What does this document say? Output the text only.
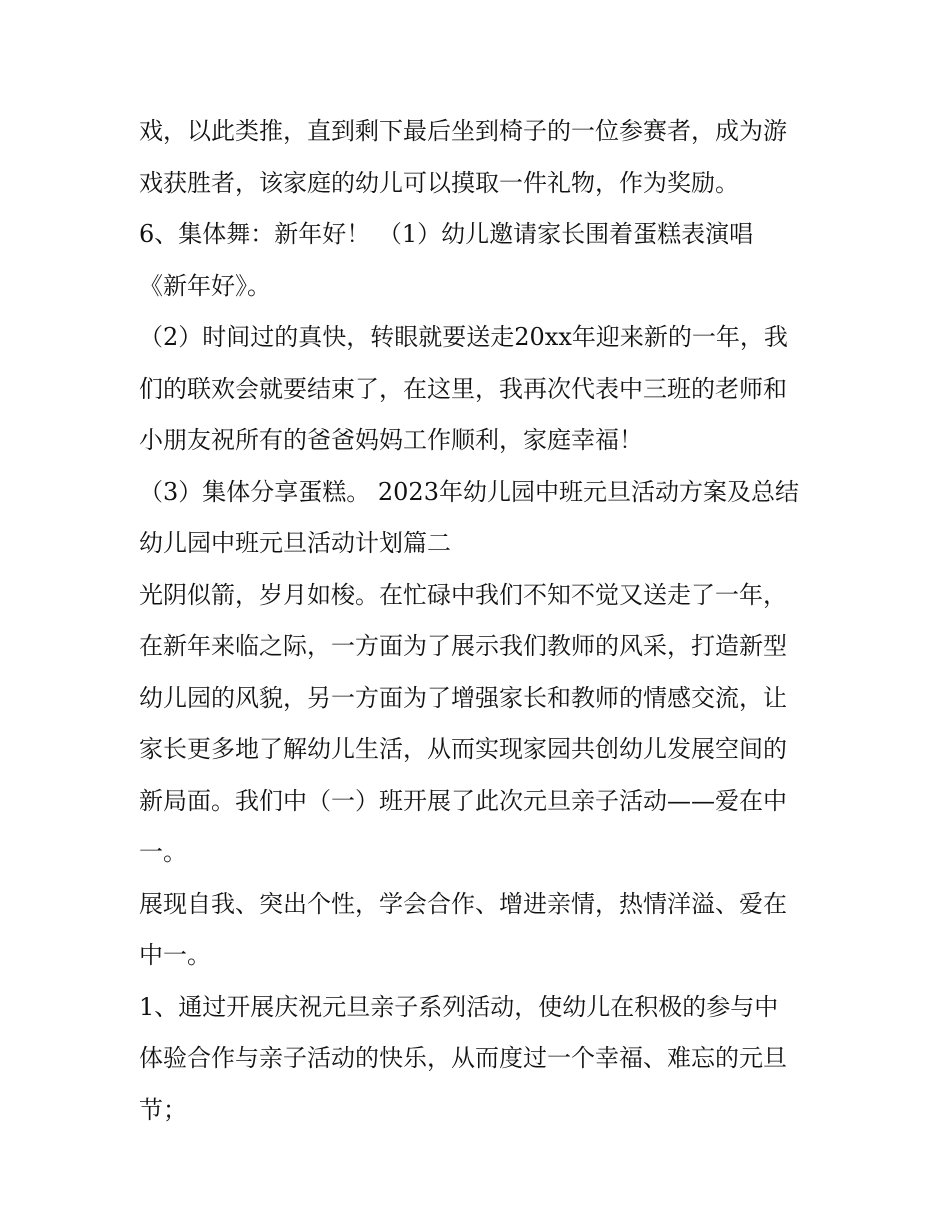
戏，以此类推，直到剩下最后坐到椅子的一位参赛者，成为游
戏获胜者，该家庭的幼儿可以摸取一件礼物，作为奖励。
6、集体舞：新年好！ （1）幼儿邀请家长围着蛋糕表演唱
《新年好》。
（2）时间过的真快，转眼就要送走20xx年迎来新的一年，我
们的联欢会就要结束了，在这里，我再次代表中三班的老师和
小朋友祝所有的爸爸妈妈工作顺利，家庭幸福！
（3）集体分享蛋糕。 2023年幼儿园中班元旦活动方案及总结
幼儿园中班元旦活动计划篇二
光阴似箭，岁月如梭。在忙碌中我们不知不觉又送走了一年，
在新年来临之际，一方面为了展示我们教师的风采，打造新型
幼儿园的风貌，另一方面为了增强家长和教师的情感交流，让
家长更多地了解幼儿生活，从而实现家园共创幼儿发展空间的
新局面。我们中（一）班开展了此次元旦亲子活动——爱在中
一。
展现自我、突出个性，学会合作、增进亲情，热情洋溢、爱在
中一。
1、通过开展庆祝元旦亲子系列活动，使幼儿在积极的参与中
体验合作与亲子活动的快乐，从而度过一个幸福、难忘的元旦
节；
